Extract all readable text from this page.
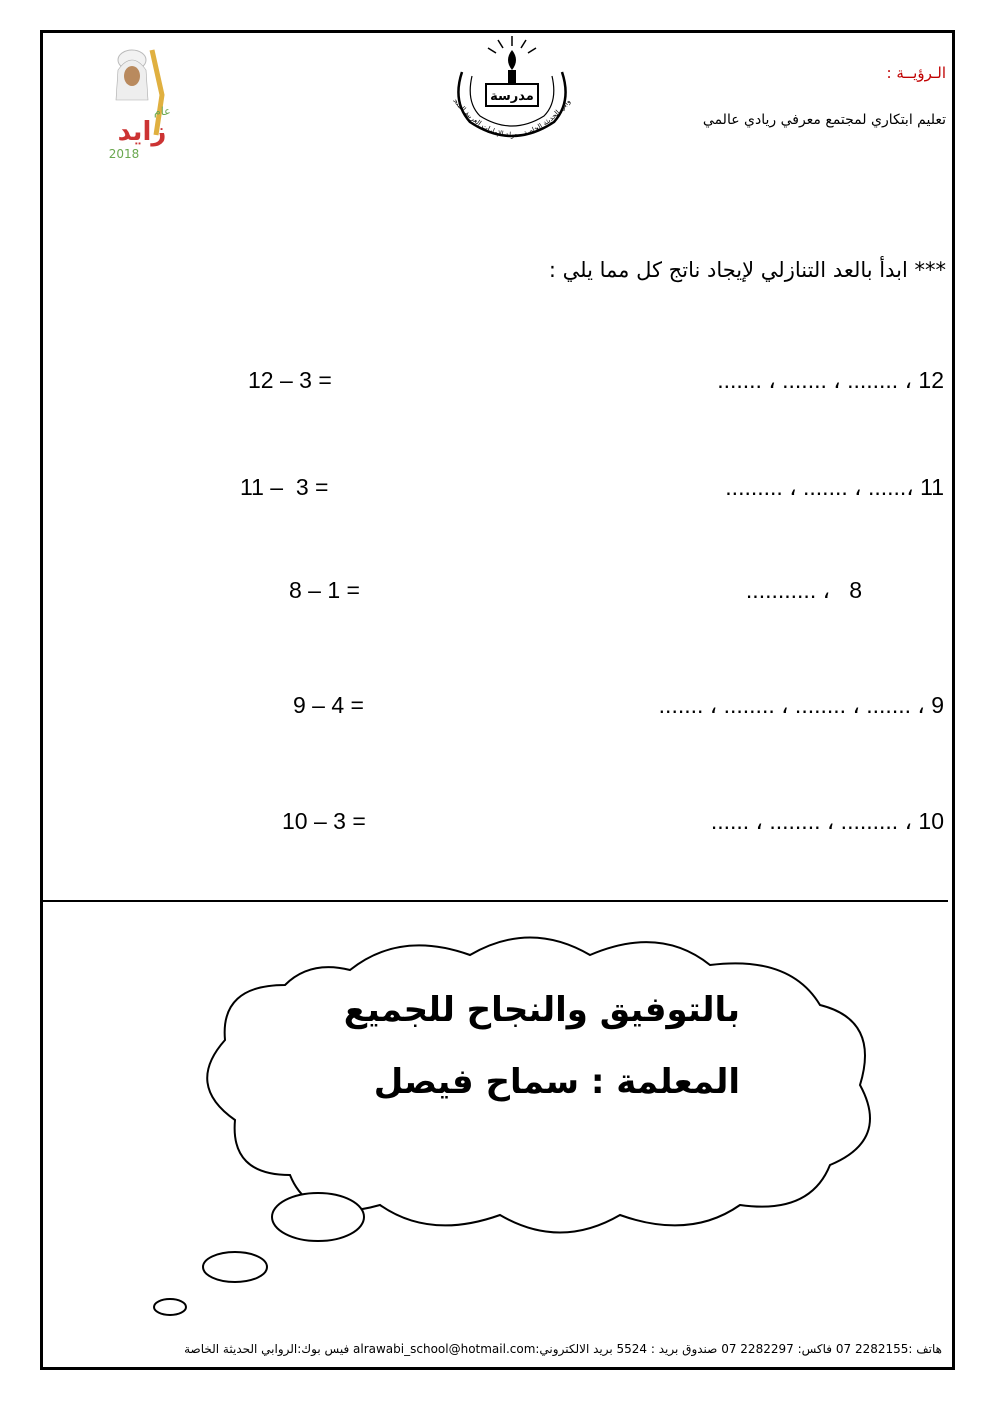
عام
زايد
2018
مدرسة	وابي الحديثة الخاصة - دولة الإمارات العربية المتح
الـرؤيــة :
تعليم ابتكاري لمجتمع معرفي ريادي عالمي
*** ابدأ بالعد التنازلي لإيجاد ناتج كل مما يلي :
12 – 3 =	12 ، ........ ، ....... ، .......
11 –  3 =	11 ،...... ، ....... ، .........
8 – 1 =	8   ، ...........
9 – 4 =	9 ، ....... ، ........ ، ........ ، .......
10 – 3 =	10 ، ......... ، ........ ، ......
بالتوفيق والنجاح للجميع
المعلمة : سماح فيصل
هاتف :2282155 07 فاكس: 2282297 07 صندوق بريد : 5524 بريد الالكتروني:alrawabi_school@hotmail.com فيس بوك:الروابي الحديثة الخاصة
